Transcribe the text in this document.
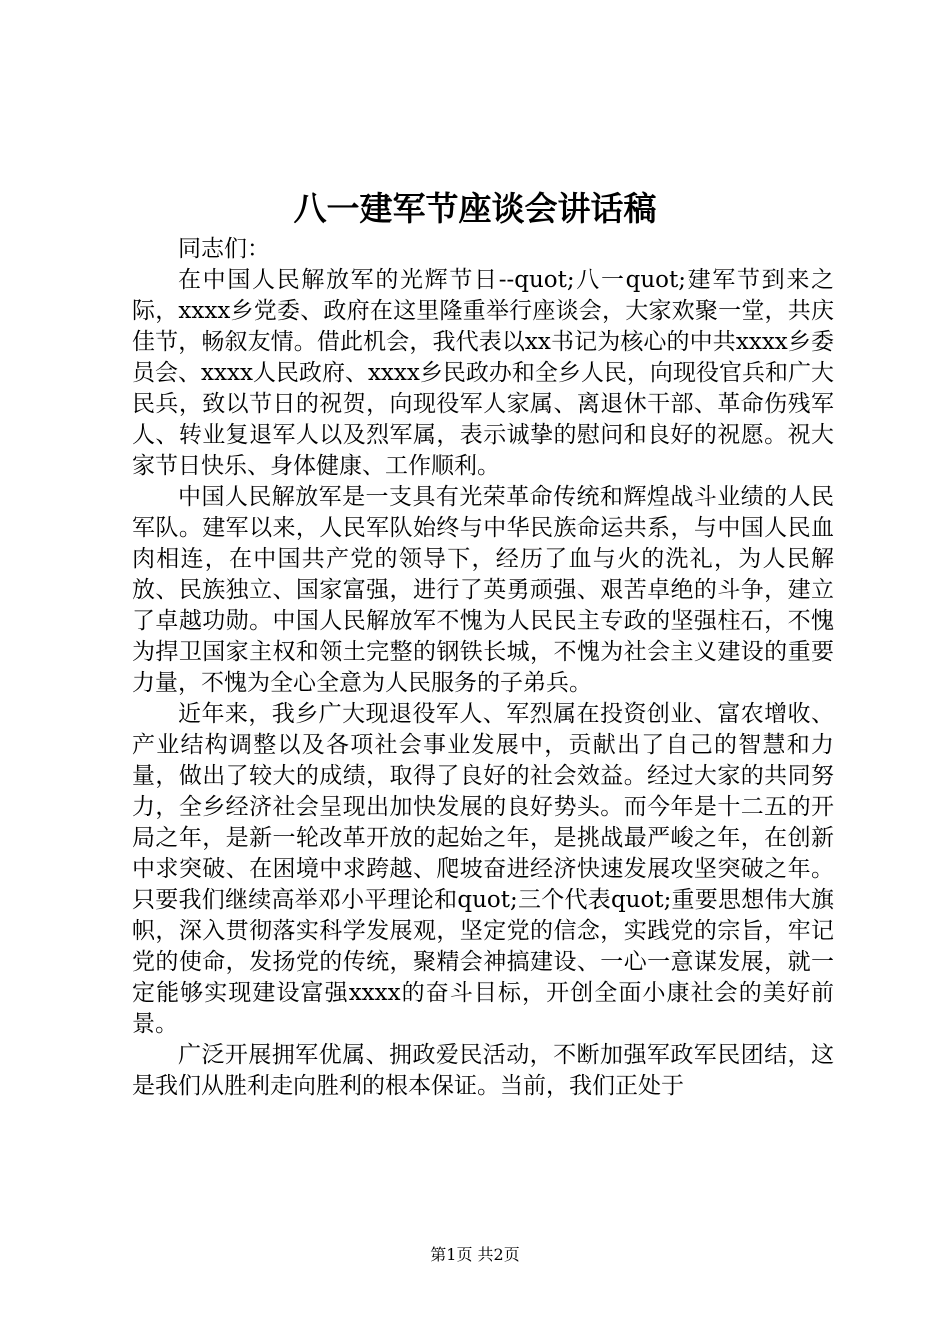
八一建军节座谈会讲话稿

同志们：

在中国人民解放军的光辉节日--quot;八一quot;建军节到来之际，xxxx乡党委、政府在这里隆重举行座谈会，大家欢聚一堂，共庆佳节，畅叙友情。借此机会，我代表以xx书记为核心的中共xxxx乡委员会、xxxx人民政府、xxxx乡民政办和全乡人民，向现役官兵和广大民兵，致以节日的祝贺，向现役军人家属、离退休干部、革命伤残军人、转业复退军人以及烈军属，表示诚挚的慰问和良好的祝愿。祝大家节日快乐、身体健康、工作顺利。

中国人民解放军是一支具有光荣革命传统和辉煌战斗业绩的人民军队。建军以来，人民军队始终与中华民族命运共系，与中国人民血肉相连，在中国共产党的领导下，经历了血与火的洗礼，为人民解放、民族独立、国家富强，进行了英勇顽强、艰苦卓绝的斗争，建立了卓越功勋。中国人民解放军不愧为人民民主专政的坚强柱石，不愧为捍卫国家主权和领土完整的钢铁长城，不愧为社会主义建设的重要力量，不愧为全心全意为人民服务的子弟兵。

近年来，我乡广大现退役军人、军烈属在投资创业、富农增收、产业结构调整以及各项社会事业发展中，贡献出了自己的智慧和力量，做出了较大的成绩，取得了良好的社会效益。经过大家的共同努力，全乡经济社会呈现出加快发展的良好势头。而今年是十二五的开局之年，是新一轮改革开放的起始之年，是挑战最严峻之年，在创新中求突破、在困境中求跨越、爬坡奋进经济快速发展攻坚突破之年。只要我们继续高举邓小平理论和quot;三个代表quot;重要思想伟大旗帜，深入贯彻落实科学发展观，坚定党的信念，实践党的宗旨，牢记党的使命，发扬党的传统，聚精会神搞建设、一心一意谋发展，就一定能够实现建设富强xxxx的奋斗目标，开创全面小康社会的美好前景。

广泛开展拥军优属、拥政爱民活动，不断加强军政军民团结，这是我们从胜利走向胜利的根本保证。当前，我们正处于

第1页 共2页
